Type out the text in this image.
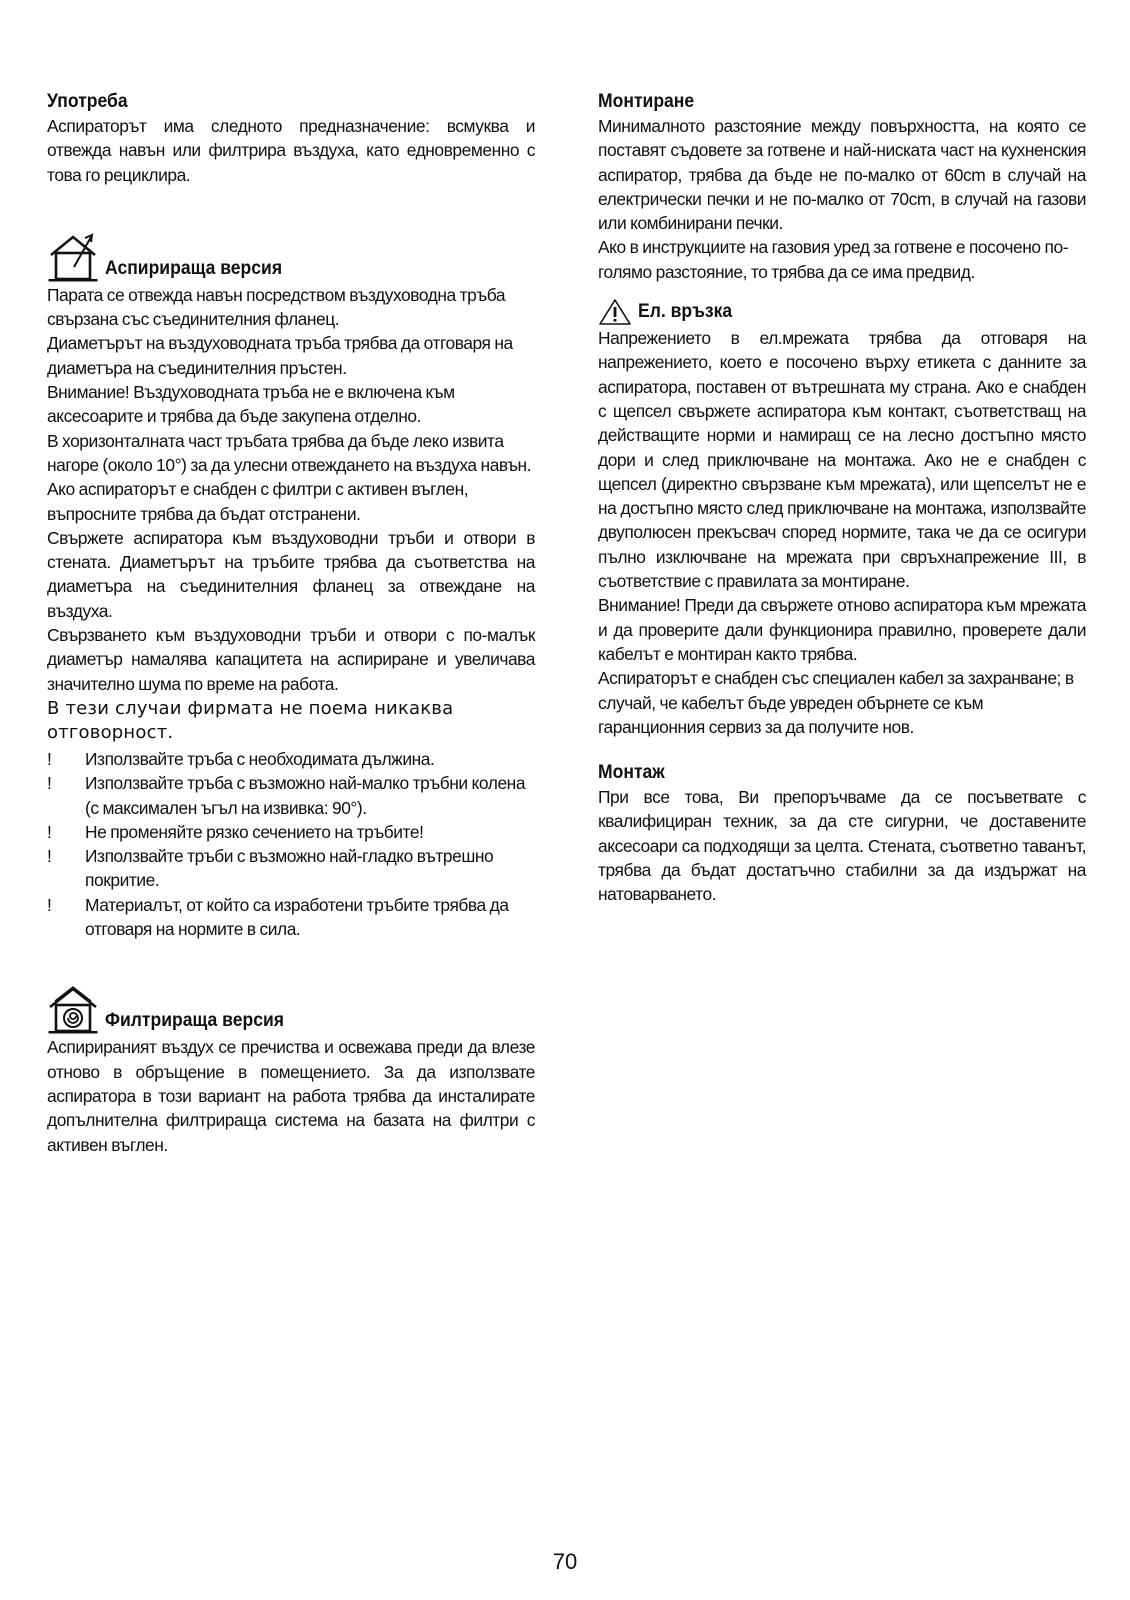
Употреба

Аспираторът има следното предназначение: всмуква и отвежда навън или филтрира въздуха, като едновременно с това го рециклира.

Аспирираща версия

Парата се отвежда навън посредством въздуховодна тръба свързана със съединителния фланец.

Диаметърът на въздуховодната тръба трябва да отговаря на диаметъра на съединителния пръстен.

Внимание! Въздуховодната тръба не е включена към аксесоарите и трябва да бъде закупена отделно.

В хоризонталната част тръбата трябва да бъде леко извита нагоре (около 10°) за да улесни отвеждането на въздуха навън.

Ако аспираторът е снабден с филтри с активен въглен, въпросните трябва да бъдат отстранени.

Свържете аспиратора към въздуховодни тръби и отвори в стената. Диаметърът на тръбите трябва да съответства на диаметъра на съединителния фланец за отвеждане на въздуха.

Свързването към въздуховодни тръби и отвори с по-малък диаметър намалява капацитета на аспириране и увеличава значително шума по време на работа.

В тези случаи фирмата не поема никаква отговорност.

!	Използвайте тръба с необходимата дължина.
!	Използвайте тръба с възможно най-малко тръбни колена (с максимален ъгъл на извивка: 90°).
!	Не променяйте рязко сечението на тръбите!
!	Използвайте тръби с възможно най-гладко вътрешно покритие.
!	Материалът, от който са изработени тръбите трябва да отговаря на нормите в сила.
Филтрираща версия

Аспирираният въздух се пречиства и освежава преди да влезе отново в обръщение в помещението. За да използвате аспиратора в този вариант на работа трябва да инсталирате допълнителна филтрираща система на базата на филтри с активен въглен.

Монтиране

Минималното разстояние между повърхността, на която се поставят съдовете за готвене и най-ниската част на кухненския аспиратор, трябва да бъде не по-малко от 60cm в случай на електрически печки и не по-малко от 70cm, в случай на газови или комбинирани печки.

Ако в инструкциите на газовия уред за готвене е посочено по-голямо разстояние, то трябва да се има предвид.

Ел. връзка

Напрежението в ел.мрежата трябва да отговаря на напрежението, което е посочено върху етикета с данните за аспиратора, поставен от вътрешната му страна. Ако е снабден с щепсел свържете аспиратора към контакт, съответстващ на действащите норми и намиращ се на лесно достъпно място дори и след приключване на монтажа. Ако не е снабден с щепсел (директно свързване към мрежата), или щепселът не е на достъпно място след приключване на монтажа, използвайте двуполюсен прекъсвач според нормите, така че да се осигури пълно изключване на мрежата при свръхнапрежение III, в съответствие с правилата за монтиране.

Внимание! Преди да свържете отново аспиратора към мрежата и да проверите дали функционира правилно, проверете дали кабелът е монтиран както трябва.

Аспираторът е снабден със специален кабел за захранване; в случай, че кабелът бъде увреден обърнете се към гаранционния сервиз за да получите нов.

Монтаж

При все това, Ви препоръчваме да се посъветвате с квалифициран техник, за да сте сигурни, че доставените аксесоари са подходящи за целта. Стената, съответно таванът, трябва да бъдат достатъчно стабилни за да издържат на натоварването.

70
